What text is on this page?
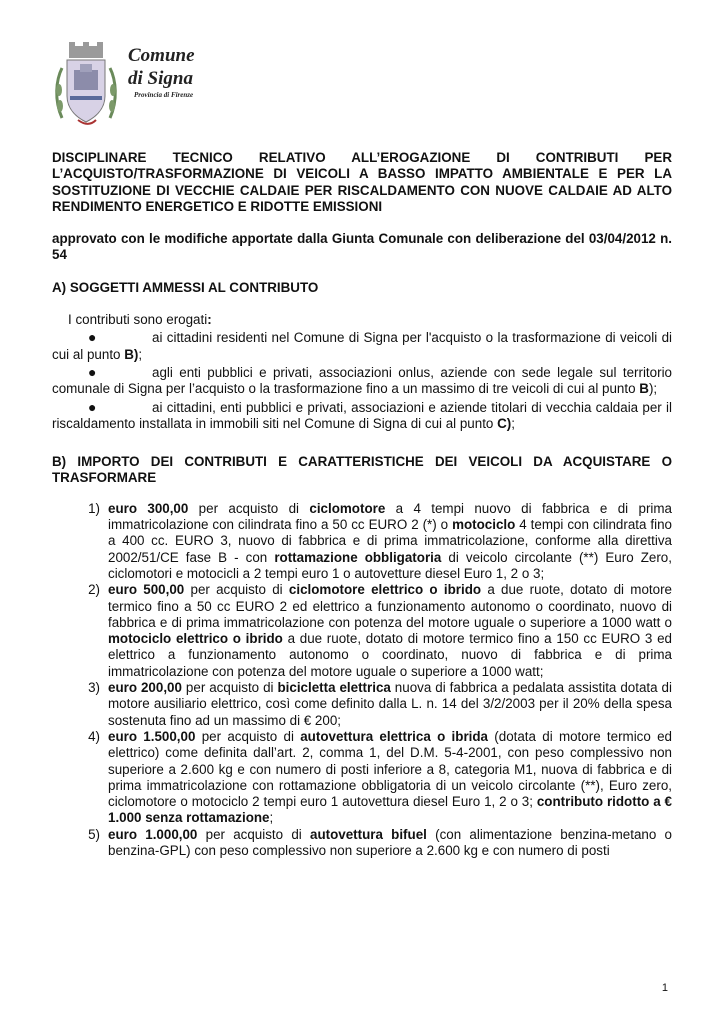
Comune
di Signa
Provincia di Firenze
DISCIPLINARE TECNICO RELATIVO ALL’EROGAZIONE DI CONTRIBUTI PER L’ACQUISTO/TRASFORMAZIONE DI VEICOLI A BASSO IMPATTO AMBIENTALE E PER LA SOSTITUZIONE DI VECCHIE CALDAIE PER RISCALDAMENTO CON NUOVE CALDAIE AD ALTO RENDIMENTO ENERGETICO E RIDOTTE EMISSIONI
approvato con le modifiche apportate dalla Giunta Comunale con deliberazione del 03/04/2012 n. 54
A) SOGGETTI AMMESSI AL CONTRIBUTO
I contributi sono erogati:
●	ai cittadini residenti nel Comune di Signa per l'acquisto o la trasformazione di veicoli di cui al punto B);
●	agli enti pubblici e privati, associazioni onlus, aziende con sede legale sul territorio comunale di Signa per l’acquisto o la trasformazione fino a un massimo di tre veicoli di cui al punto B);
●	ai cittadini, enti pubblici e privati, associazioni e aziende titolari di vecchia caldaia per il riscaldamento installata in immobili siti nel Comune di Signa di cui al punto C);
B) IMPORTO DEI CONTRIBUTI E CARATTERISTICHE DEI VEICOLI DA ACQUISTARE O TRASFORMARE
1) euro 300,00 per acquisto di ciclomotore a 4 tempi nuovo di fabbrica e di prima immatricolazione con cilindrata fino a 50 cc EURO 2 (*) o motociclo 4 tempi con cilindrata fino a 400 cc. EURO 3, nuovo di fabbrica e di prima immatricolazione, conforme alla direttiva 2002/51/CE fase B - con rottamazione obbligatoria di veicolo circolante (**) Euro Zero, ciclomotori e motocicli a 2 tempi euro 1 o autovetture diesel Euro 1, 2 o 3;
2) euro 500,00 per acquisto di ciclomotore elettrico o ibrido a due ruote, dotato di motore termico fino a 50 cc EURO 2 ed elettrico a funzionamento autonomo o coordinato, nuovo di fabbrica e di prima immatricolazione con potenza del motore uguale o superiore a 1000 watt o motociclo elettrico o ibrido a due ruote, dotato di motore termico fino a 150 cc EURO 3 ed elettrico a funzionamento autonomo o coordinato, nuovo di fabbrica e di prima immatricolazione con potenza del motore uguale o superiore a 1000 watt;
3) euro 200,00 per acquisto di bicicletta elettrica nuova di fabbrica a pedalata assistita dotata di motore ausiliario elettrico, così come definito dalla L. n. 14 del 3/2/2003 per il 20% della spesa sostenuta fino ad un massimo di € 200;
4) euro 1.500,00 per acquisto di autovettura elettrica o ibrida (dotata di motore termico ed elettrico) come definita dall’art. 2, comma 1, del D.M. 5-4-2001, con peso complessivo non superiore a 2.600 kg e con numero di posti inferiore a 8, categoria M1, nuova di fabbrica e di prima immatricolazione con rottamazione obbligatoria di un veicolo circolante (**), Euro zero, ciclomotore o motociclo 2 tempi euro 1 autovettura diesel Euro 1, 2 o 3; contributo ridotto a € 1.000 senza rottamazione;
5) euro 1.000,00 per acquisto di autovettura bifuel (con alimentazione benzina-metano o benzina-GPL) con peso complessivo non superiore a 2.600 kg e con numero di posti
1
